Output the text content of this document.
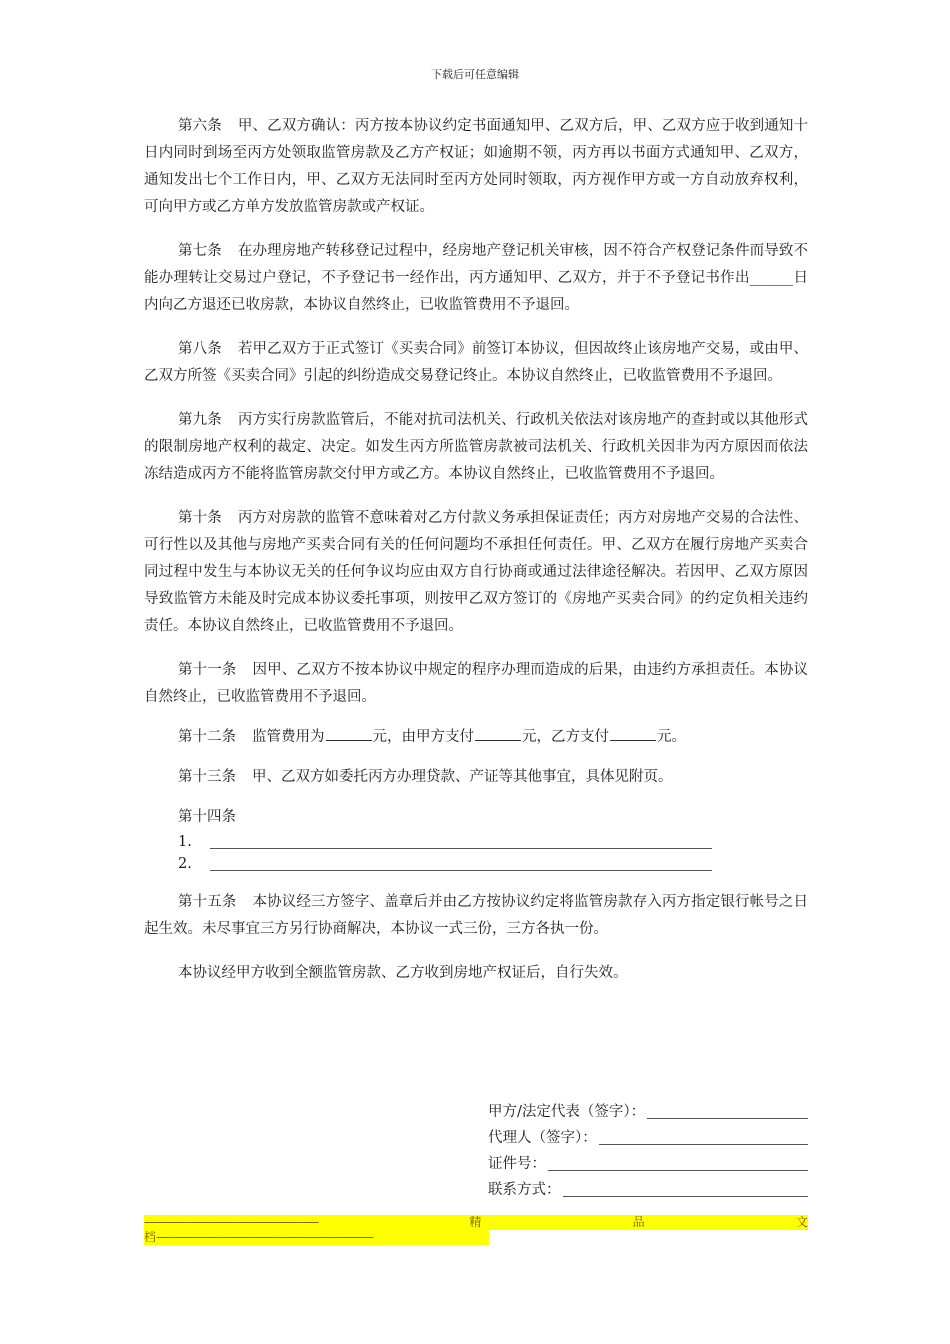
下载后可任意编辑

第六条 甲、乙双方确认：丙方按本协议约定书面通知甲、乙双方后，甲、乙双方应于收到通知十日内同时到场至丙方处领取监管房款及乙方产权证；如逾期不领，丙方再以书面方式通知甲、乙双方，通知发出七个工作日内，甲、乙双方无法同时至丙方处同时领取，丙方视作甲方或一方自动放弃权利，可向甲方或乙方单方发放监管房款或产权证。

第七条 在办理房地产转移登记过程中，经房地产登记机关审核，因不符合产权登记条件而导致不能办理转让交易过户登记，不予登记书一经作出，丙方通知甲、乙双方，并于不予登记书作出______日内向乙方退还已收房款，本协议自然终止，已收监管费用不予退回。

第八条 若甲乙双方于正式签订《买卖合同》前签订本协议，但因故终止该房地产交易，或由甲、乙双方所签《买卖合同》引起的纠纷造成交易登记终止。本协议自然终止，已收监管费用不予退回。

第九条 丙方实行房款监管后，不能对抗司法机关、行政机关依法对该房地产的查封或以其他形式的限制房地产权利的裁定、决定。如发生丙方所监管房款被司法机关、行政机关因非为丙方原因而依法冻结造成丙方不能将监管房款交付甲方或乙方。本协议自然终止，已收监管费用不予退回。

第十条 丙方对房款的监管不意味着对乙方付款义务承担保证责任；丙方对房地产交易的合法性、可行性以及其他与房地产买卖合同有关的任何问题均不承担任何责任。甲、乙双方在履行房地产买卖合同过程中发生与本协议无关的任何争议均应由双方自行协商或通过法律途径解决。若因甲、乙双方原因导致监管方未能及时完成本协议委托事项，则按甲乙双方签订的《房地产买卖合同》的约定负相关违约责任。本协议自然终止，已收监管费用不予退回。

第十一条 因甲、乙双方不按本协议中规定的程序办理而造成的后果，由违约方承担责任。本协议自然终止，已收监管费用不予退回。

第十二条 监管费用为	元，由甲方支付	元，乙方支付	元。

第十三条 甲、乙双方如委托丙方办理贷款、产证等其他事宜，具体见附页。

第十四条

1.
2.

第十五条 本协议经三方签字、盖章后并由乙方按协议约定将监管房款存入丙方指定银行帐号之日起生效。未尽事宜三方另行协商解决，本协议一式三份，三方各执一份。

本协议经甲方收到全额监管房款、乙方收到房地产权证后，自行失效。

甲方/法定代表（签字）：
代理人（签字）：
证件号：
联系方式：
---------------------------------------------------------	精	品	文
档-----------------------------------------------------------------------
